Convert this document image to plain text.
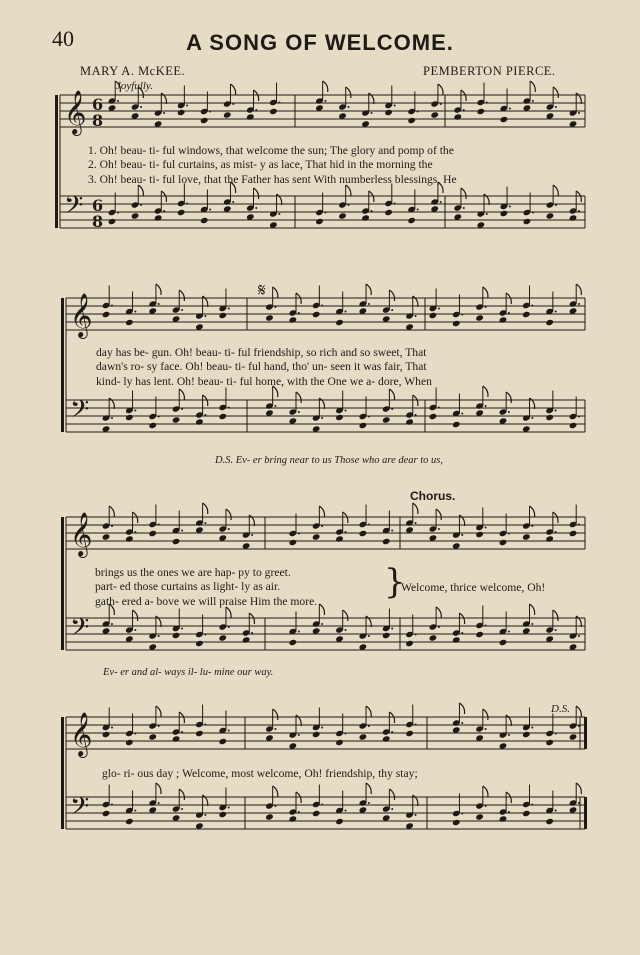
40	A SONG OF WELCOME.
MARY A. McKEE.	PEMBERTON PIERCE.
Joyfully.
𝄞 6
8
𝄢 6
8
𝄞
𝄢
𝄞
𝄢
𝄞
𝄢
𝄋
1. Oh! beau- ti- ful windows, that welcome the sun; The glory and pomp of the
2. Oh! beau- ti- ful curtains, as mist- y as lace, That hid in the morning the
3. Oh! beau- ti- ful love, that the Father has sent With numberless blessings, He
day has be- gun. Oh! beau- ti- ful friendship, so rich and so sweet, That
dawn's ro- sy face. Oh! beau- ti- ful hand, tho' un- seen it was fair, That
kind- ly has lent. Oh! beau- ti- ful home, with the One we a- dore, When
D.S. Ev- er bring near to us Those who are dear to us,
Chorus.
brings us the ones we are hap- py to greet.
part- ed those curtains as light- ly as air.
gath- ered a- bove we will praise Him the more. }
Welcome, thrice welcome, Oh!
Ev- er and al- ways il- lu- mine our way.
D.S.
glo- ri- ous day ; Welcome, most welcome, Oh! friendship, thy stay;
